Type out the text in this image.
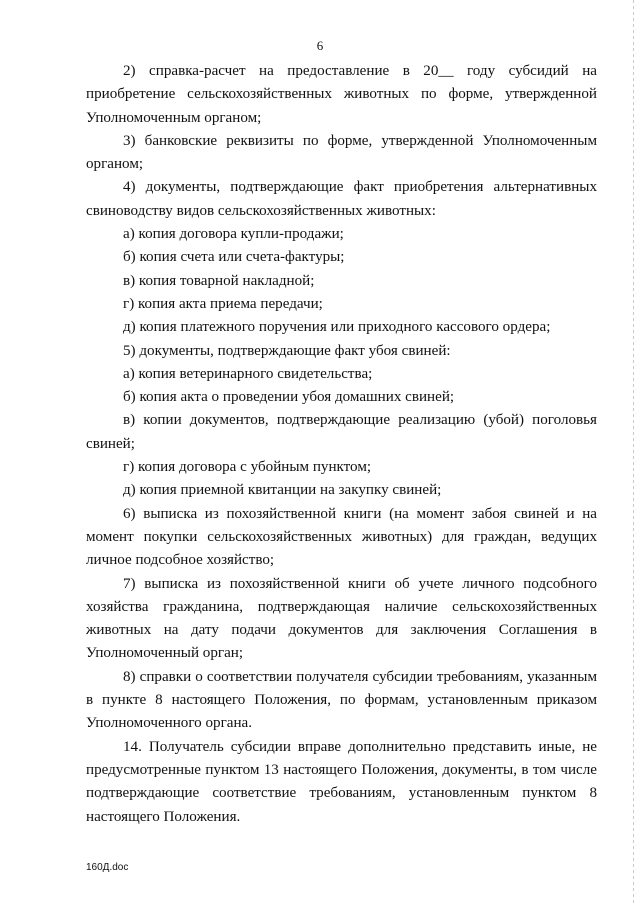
6

2) справка-расчет на предоставление в 20__ году субсидий на приобретение сельскохозяйственных животных по форме, утвержденной Уполномоченным органом;

3) банковские реквизиты по форме, утвержденной Уполномоченным органом;

4) документы, подтверждающие факт приобретения альтернативных свиноводству видов сельскохозяйственных животных:

а) копия договора купли-продажи;

б) копия счета или счета-фактуры;

в) копия товарной накладной;

г) копия акта приема передачи;

д) копия платежного поручения или приходного кассового ордера;

5) документы, подтверждающие факт убоя свиней:

а) копия ветеринарного свидетельства;

б) копия акта о проведении убоя домашних свиней;

в) копии документов, подтверждающие реализацию (убой) поголовья свиней;

г) копия договора с убойным пунктом;

д) копия приемной квитанции на закупку свиней;

6) выписка из похозяйственной книги (на момент забоя свиней и на момент покупки сельскохозяйственных животных) для граждан, ведущих личное подсобное хозяйство;

7) выписка из похозяйственной книги об учете личного подсобного хозяйства гражданина, подтверждающая наличие сельскохозяйственных животных на дату подачи документов для заключения Соглашения в Уполномоченный орган;

8) справки о соответствии получателя субсидии требованиям, указанным в пункте 8 настоящего Положения, по формам, установленным приказом Уполномоченного органа.

14. Получатель субсидии вправе дополнительно представить иные, не предусмотренные пунктом 13 настоящего Положения, документы, в том числе подтверждающие соответствие требованиям, установленным пунктом 8 настоящего Положения.

160Д.doc
